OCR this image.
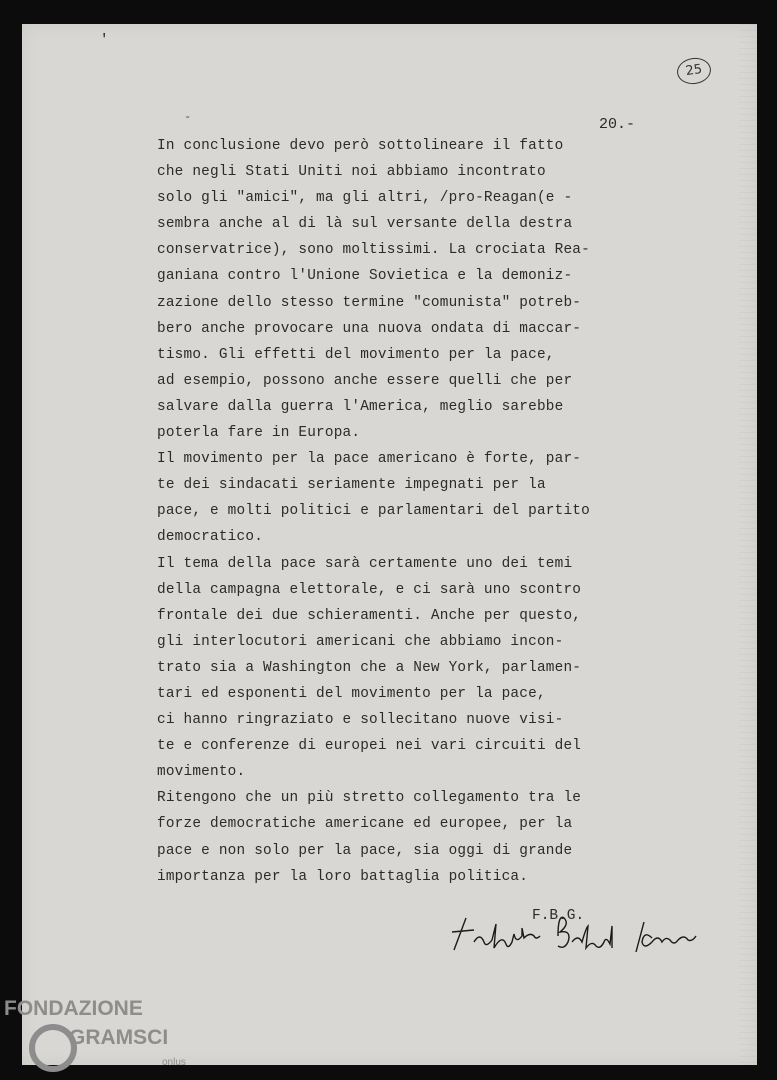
'
-
25
20.-
In conclusione devo però sottolineare il fatto
che negli Stati Uniti noi abbiamo incontrato
solo gli "amici", ma gli altri, /pro-Reagan(e -
sembra anche al di là sul versante della destra
conservatrice), sono moltissimi. La crociata Rea-
ganiana contro l'Unione Sovietica e la demoniz-
zazione dello stesso termine "comunista" potreb-
bero anche provocare una nuova ondata di maccar-
tismo. Gli effetti del movimento per la pace,
ad esempio, possono anche essere quelli che per
salvare dalla guerra l'America, meglio sarebbe
poterla fare in Europa.
Il movimento per la pace americano è forte, par-
te dei sindacati seriamente impegnati per la
pace, e molti politici e parlamentari del partito
democratico.
Il tema della pace sarà certamente uno dei temi
della campagna elettorale, e ci sarà uno scontro
frontale dei due schieramenti. Anche per questo,
gli interlocutori americani che abbiamo incon-
trato sia a Washington che a New York, parlamen-
tari ed esponenti del movimento per la pace,
ci hanno ringraziato e sollecitano nuove visi-
te e conferenze di europei nei vari circuiti del
movimento.
Ritengono che un più stretto collegamento tra le
forze democratiche americane ed europee, per la
pace e non solo per la pace, sia oggi di grande
importanza per la loro battaglia politica.
F.B.G.
FONDAZIONE
GRAMSCI
onlus
